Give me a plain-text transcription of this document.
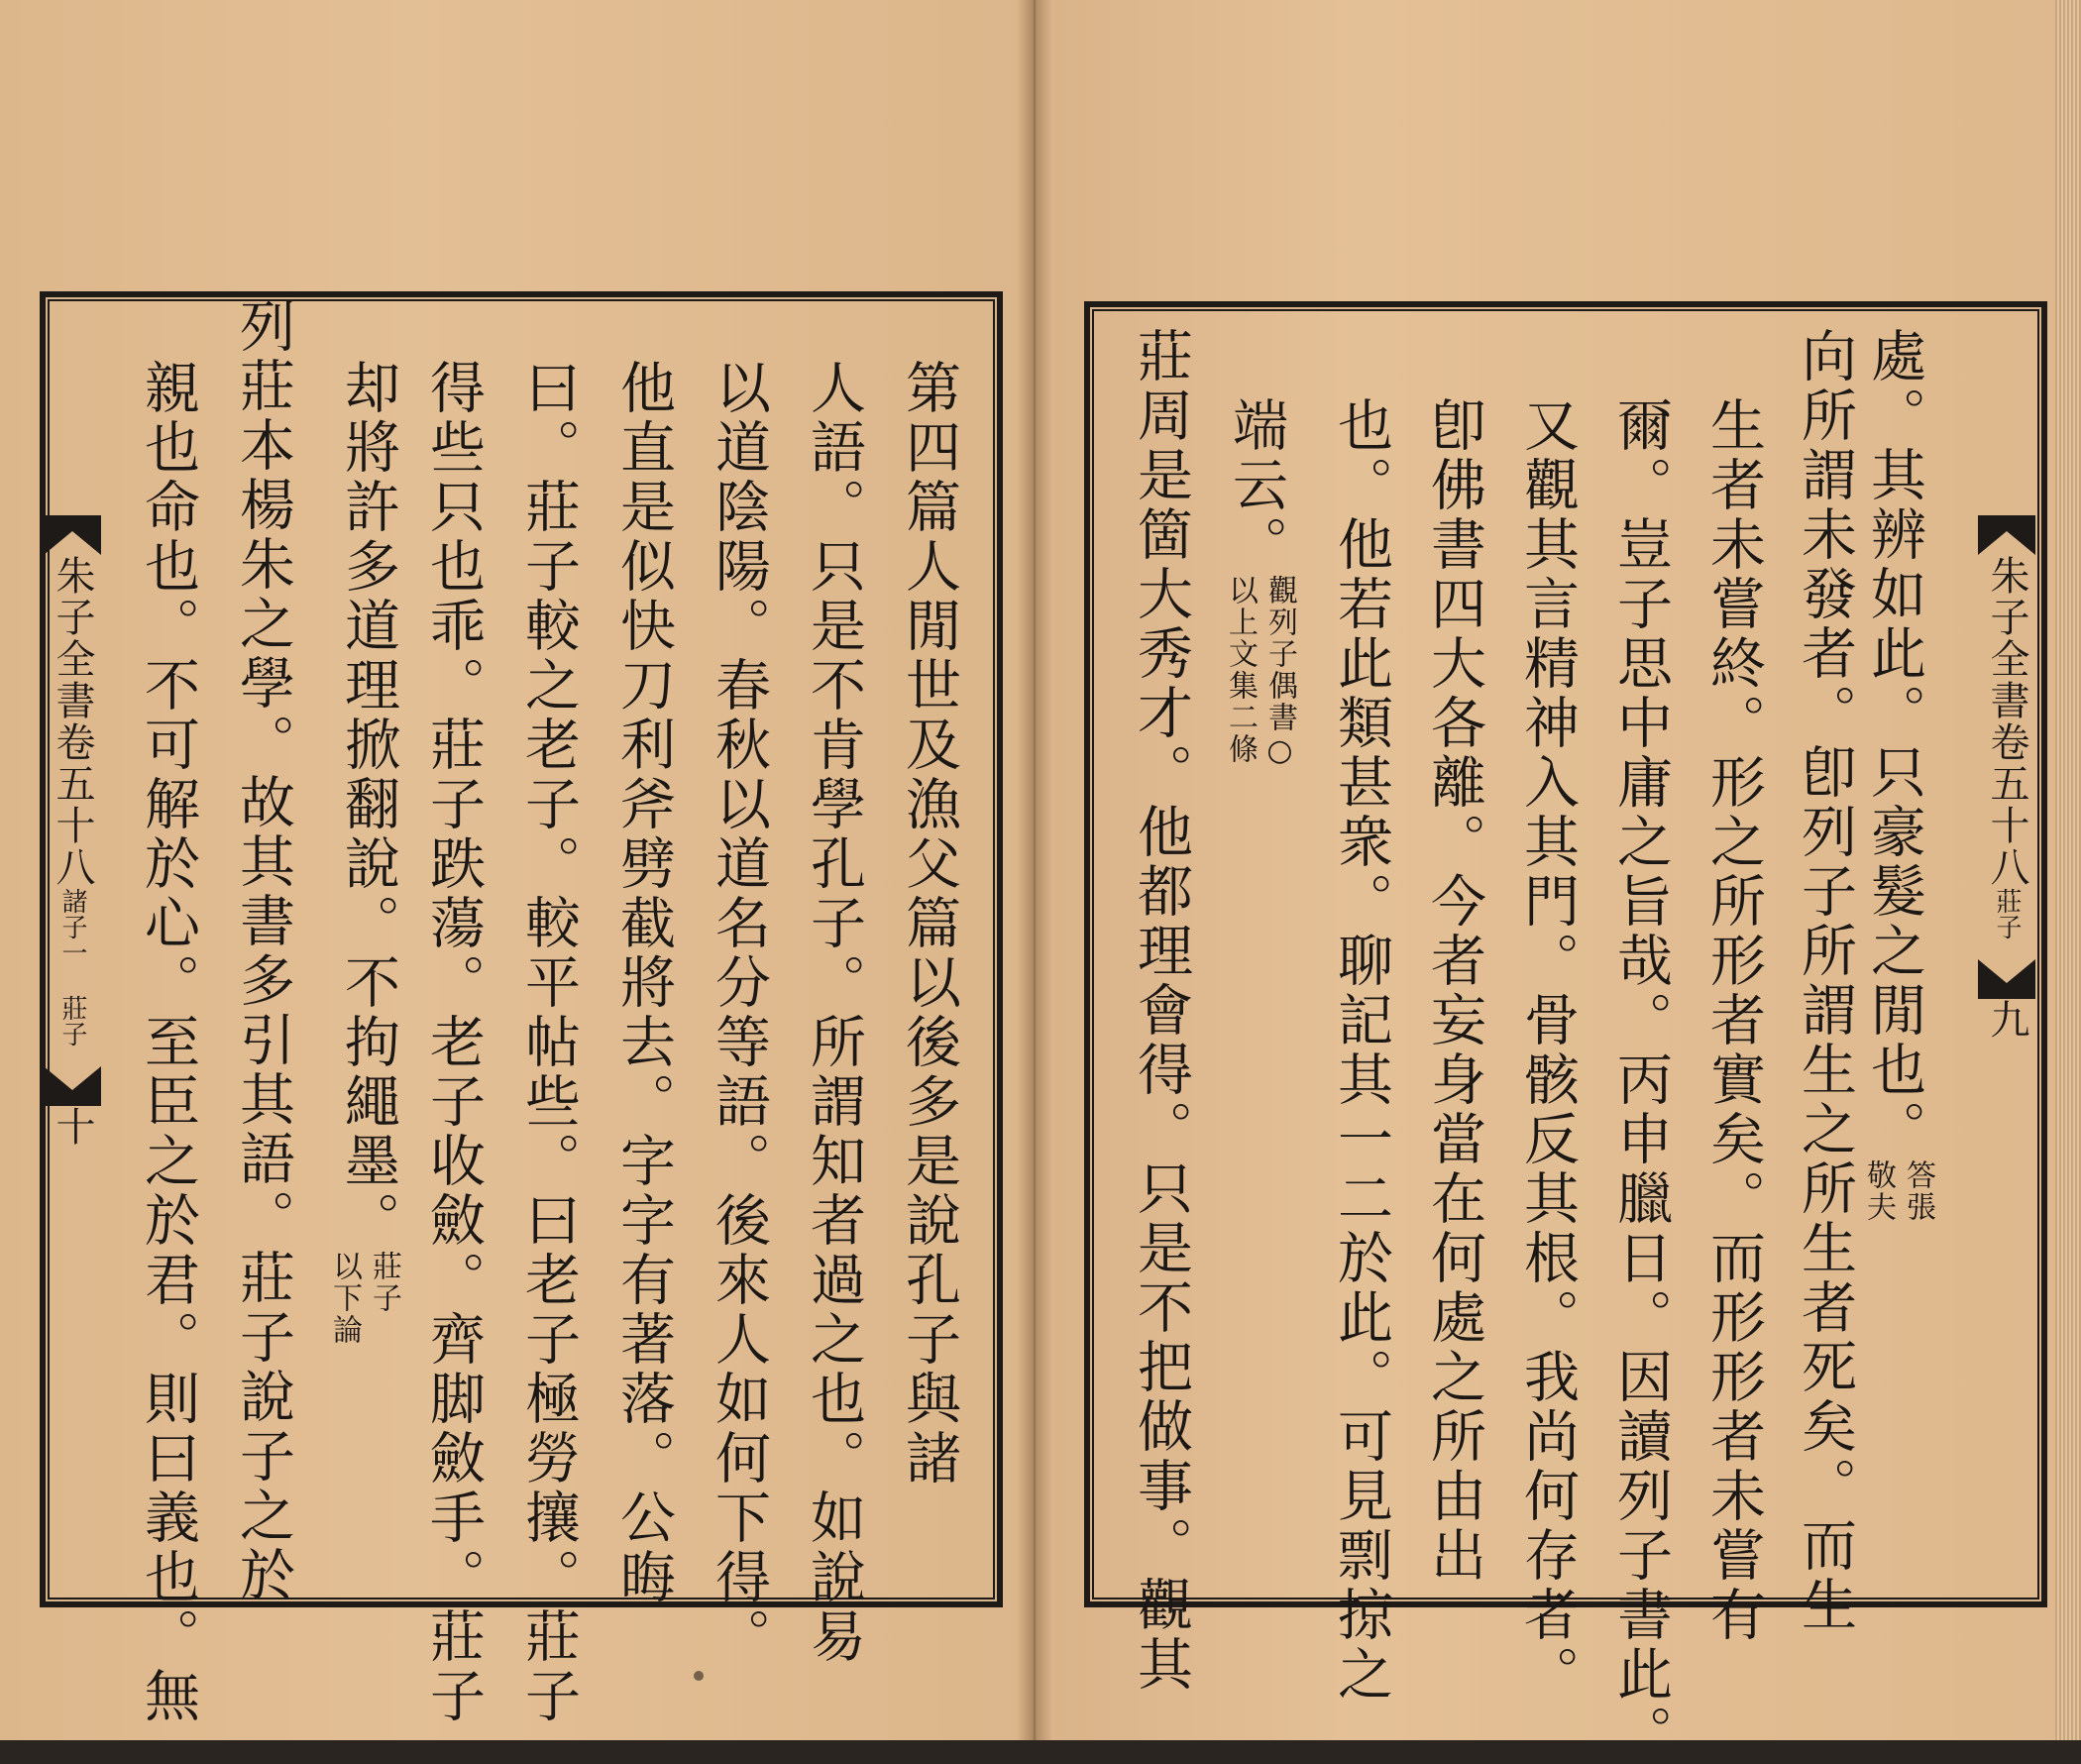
朱子全書卷五十八
諸子一 莊子
十	第四篇人閒世及漁父篇以後多是說孔子與諸
人語。只是不肯學孔子。所謂知者過之也。如說易
以道陰陽。春秋以道名分等語。後來人如何下得。
他直是似快刀利斧劈截將去。字字有著落。公晦
曰。莊子較之老子。較平帖些。曰老子極勞攘。莊子
得些只也乖。莊子跌蕩。老子收斂。齊脚斂手。莊子
却將許多道理掀翻說。不拘繩墨。
莊子
以下論
列莊本楊朱之學。故其書多引其語。莊子說子之於
親也命也。不可解於心。至臣之於君。則曰義也。無	處。其辨如此。只豪髮之閒也。
答張
敬夫
向所謂未發者。卽列子所謂生之所生者死矣。而生
生者未嘗終。形之所形者實矣。而形形者未嘗有
爾。豈子思中庸之旨哉。丙申臘日。因讀列子書此。
又觀其言精神入其門。骨骸反其根。我尚何存者。
卽佛書四大各離。今者妄身當在何處之所由出
也。他若此類甚衆。聊記其一二於此。可見剽掠之
端云。
觀列子偶書○
以上文集二條
莊周是箇大秀才。他都理會得。只是不把做事。觀其	朱子全書卷五十八
莊子
九
